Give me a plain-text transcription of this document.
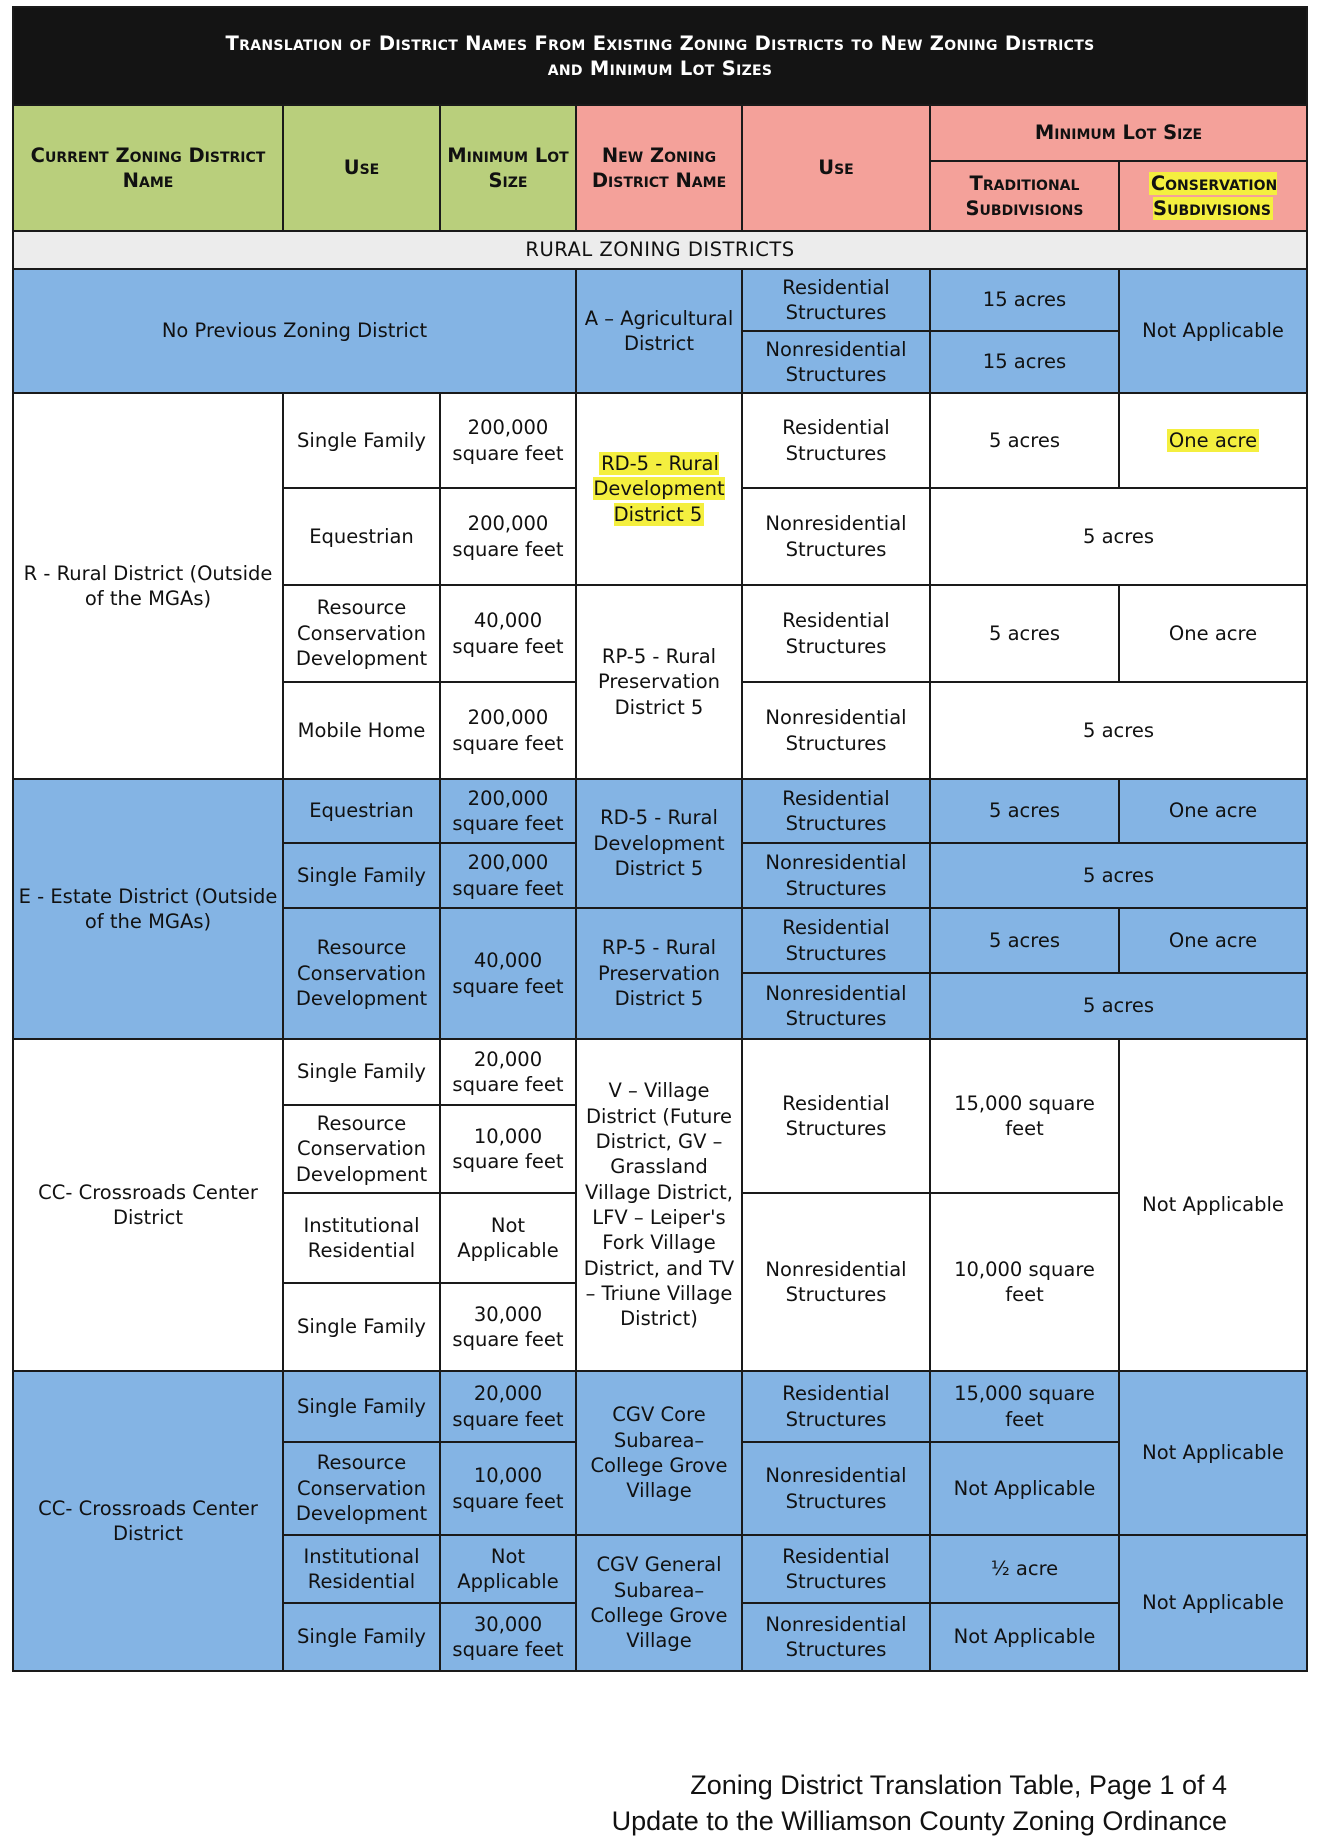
Translation of District Names From Existing Zoning Districts to New Zoning Districts
and Minimum Lot Sizes						

Current Zoning District Name	Use	Minimum Lot Size	New Zoning District Name	Use	Minimum Lot Size	
					Traditional Subdivisions	Conservation Subdivisions
RURAL ZONING DISTRICTS						
No Previous Zoning District			A – Agricultural District	Residential Structures	15 acres	Not Applicable
				Nonresidential Structures	15 acres	
R - Rural District (Outside of the MGAs)	Single Family	200,000 square feet	RD-5 - Rural Development District 5	Residential Structures	5 acres	One acre
	Equestrian	200,000 square feet		Nonresidential Structures	5 acres	
	Resource Conservation Development	40,000 square feet	RP-5 - Rural Preservation District 5	Residential Structures	5 acres	One acre
	Mobile Home	200,000 square feet		Nonresidential Structures	5 acres	
E - Estate District (Outside of the MGAs)	Equestrian	200,000 square feet	RD-5 - Rural Development District 5	Residential Structures	5 acres	One acre
	Single Family	200,000 square feet		Nonresidential Structures	5 acres	
	Resource Conservation Development	40,000 square feet	RP-5 - Rural Preservation District 5	Residential Structures	5 acres	One acre
				Nonresidential Structures	5 acres	
CC- Crossroads Center District	Single Family	20,000 square feet	V – Village District (Future District, GV – Grassland Village District, LFV – Leiper's Fork Village District, and TV – Triune Village District)	Residential Structures	15,000 square feet	Not Applicable
	Resource Conservation Development	10,000 square feet				
	Institutional Residential	Not Applicable		Nonresidential Structures	10,000 square feet	
	Single Family	30,000 square feet				
CC- Crossroads Center District	Single Family	20,000 square feet	CGV Core Subarea– College Grove Village	Residential Structures	15,000 square feet	Not Applicable
	Resource Conservation Development	10,000 square feet		Nonresidential Structures	Not Applicable	
	Institutional Residential	Not Applicable	CGV General Subarea– College Grove Village	Residential Structures	½ acre	Not Applicable
	Single Family	30,000 square feet		Nonresidential Structures	Not Applicable	
Zoning District Translation Table, Page 1 of 4
Update to the Williamson County Zoning Ordinance
